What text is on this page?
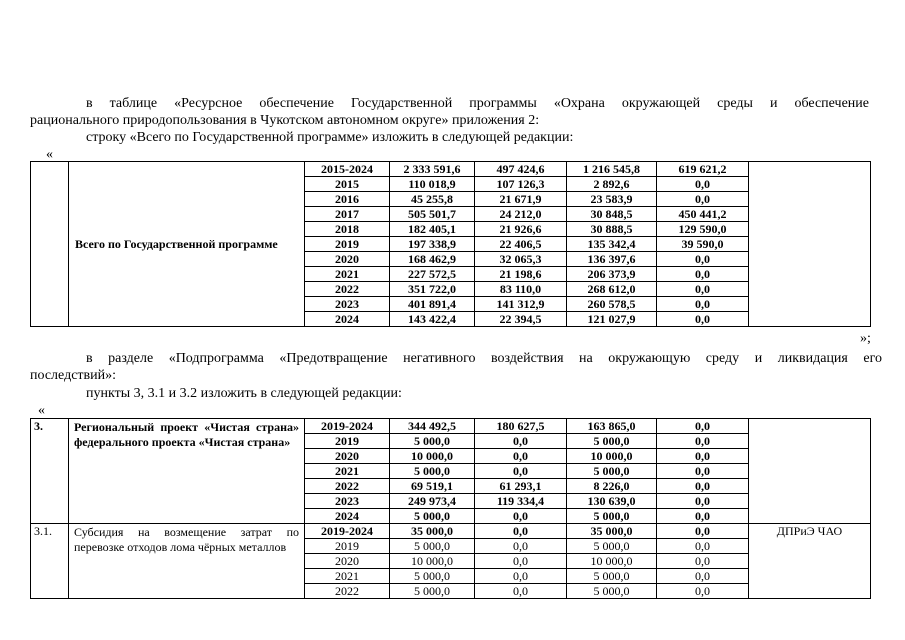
в таблице «Ресурсное обеспечение Государственной программы «Охрана окружающей среды и обеспечение
рационального природопользования в Чукотском автономном округе» приложения 2:
строку «Всего по Государственной программе» изложить в следующей редакции:
«
	Всего по Государственной программе	2015-2024	2 333 591,6	497 424,6	1 216 545,8	619 621,2	
		2015	110 018,9	107 126,3	2 892,6	0,0	
		2016	45 255,8	21 671,9	23 583,9	0,0	
		2017	505 501,7	24 212,0	30 848,5	450 441,2	
		2018	182 405,1	21 926,6	30 888,5	129 590,0	
		2019	197 338,9	22 406,5	135 342,4	39 590,0	
		2020	168 462,9	32 065,3	136 397,6	0,0	
		2021	227 572,5	21 198,6	206 373,9	0,0	
		2022	351 722,0	83 110,0	268 612,0	0,0	
		2023	401 891,4	141 312,9	260 578,5	0,0	
		2024	143 422,4	22 394,5	121 027,9	0,0	
»;
в разделе «Подпрограмма «Предотвращение негативного воздействия на окружающую среду и ликвидация его
последствий»:
пункты 3, 3.1 и 3.2 изложить в следующей редакции:
«
3.	Региональный проект «Чистая страна» федерального проекта «Чистая страна»	2019-2024	344 492,5	180 627,5	163 865,0	0,0	
		2019	5 000,0	0,0	5 000,0	0,0	
		2020	10 000,0	0,0	10 000,0	0,0	
		2021	5 000,0	0,0	5 000,0	0,0	
		2022	69 519,1	61 293,1	8 226,0	0,0	
		2023	249 973,4	119 334,4	130 639,0	0,0	
		2024	5 000,0	0,0	5 000,0	0,0	
3.1.	Субсидия на возмещение затрат по перевозке отходов лома чёрных металлов	2019-2024	35 000,0	0,0	35 000,0	0,0	ДПРиЭ ЧАО
		2019	5 000,0	0,0	5 000,0	0,0	
		2020	10 000,0	0,0	10 000,0	0,0	
		2021	5 000,0	0,0	5 000,0	0,0	
		2022	5 000,0	0,0	5 000,0	0,0	
